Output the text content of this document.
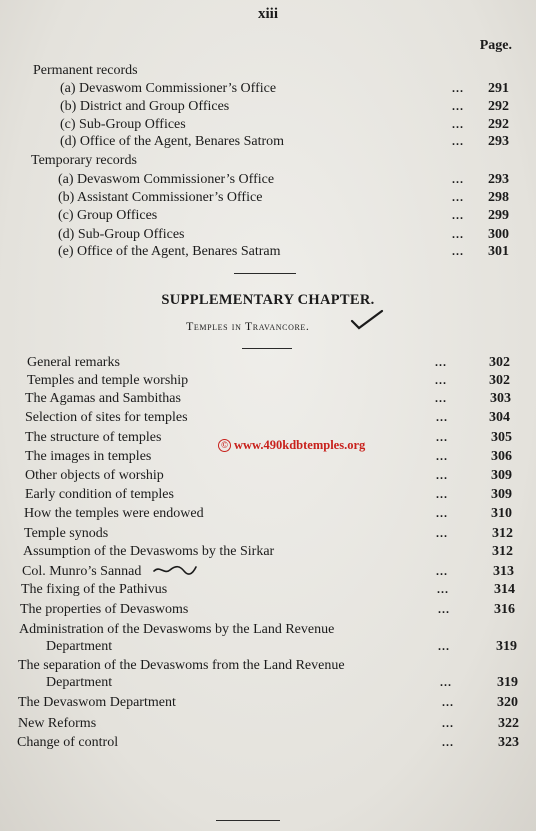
xiii
Page.
Permanent records
(a) Devaswom Commissioner’s Office	... 291
(b) District and Group Offices	... 292
(c) Sub-Group Offices	... 292
(d) Office of the Agent, Benares Satrom	... 293
Temporary records
(a) Devaswom Commissioner’s Office	... 293
(b) Assistant Commissioner’s Office	... 298
(c) Group Offices	... 299
(d) Sub-Group Offices	... 300
(e) Office of the Agent, Benares Satram	... 301
SUPPLEMENTARY CHAPTER.
Temples in Travancore.
© www.490kdbtemples.org
General remarks	...	302
Temples and temple worship	...	302
The Agamas and Sambithas	...	303
Selection of sites for temples	...	304
The structure of temples	...	305
The images in temples	...	306
Other objects of worship	...	309
Early condition of temples	...	309
How the temples were endowed	...	310
Temple synods	...	312
Assumption of the Devaswoms by the Sirkar	312
Col. Munro’s Sannad	...	313
The fixing of the Pathivus	...	314
The properties of Devaswoms	...	316
Administration of the Devaswoms by the Land Revenue
Department	...	319
The separation of the Devaswoms from the Land Revenue
Department	...	319
The Devaswom Department	...	320
New Reforms	...	322
Change of control	...	323
